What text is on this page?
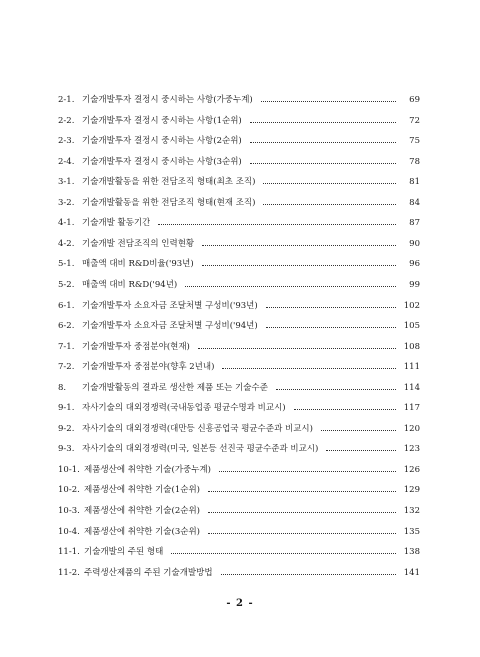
2-1. 기술개발투자 결정시 중시하는 사항(가중누계)	69
2-2. 기술개발투자 결정시 중시하는 사항(1순위)	72
2-3. 기술개발투자 결정시 중시하는 사항(2순위)	75
2-4. 기술개발투자 결정시 중시하는 사항(3순위)	78
3-1. 기술개발활동을 위한 전담조직 형태(최초 조직)	81
3-2. 기술개발활동을 위한 전담조직 형태(현재 조직)	84
4-1. 기술개발 활동기간	87
4-2. 기술개발 전담조직의 인력현황	90
5-1. 매출액 대비 R&D비율('93년)	96
5-2. 매출액 대비 R&D('94년)	99
6-1. 기술개발투자 소요자금 조달처별 구성비('93년)	102
6-2. 기술개발투자 소요자금 조달처별 구성비('94년)	105
7-1. 기술개발투자 중점분야(현재)	108
7-2. 기술개발투자 중점분야(향후 2년내)	111
8.	기술개발활동의 결과로 생산한 제품 또는 기술수준	114
9-1. 자사기술의 대외경쟁력(국내동업종 평균수명과 비교시)	117
9-2. 자사기술의 대외경쟁력(대만등 신흥공업국 평균수준과 비교시)	120
9-3. 자사기술의 대외경쟁력(미국, 일본등 선진국 평균수준과 비교시)	123
10-1. 제품생산에 취약한 기술(가중누계)	126
10-2. 제품생산에 취약한 기술(1순위)	129
10-3. 제품생산에 취약한 기술(2순위)	132
10-4. 제품생산에 취약한 기술(3순위)	135
11-1. 기술개발의 주된 형태	138
11-2. 주력생산제품의 주된 기술개발방법	141
- 2 -
